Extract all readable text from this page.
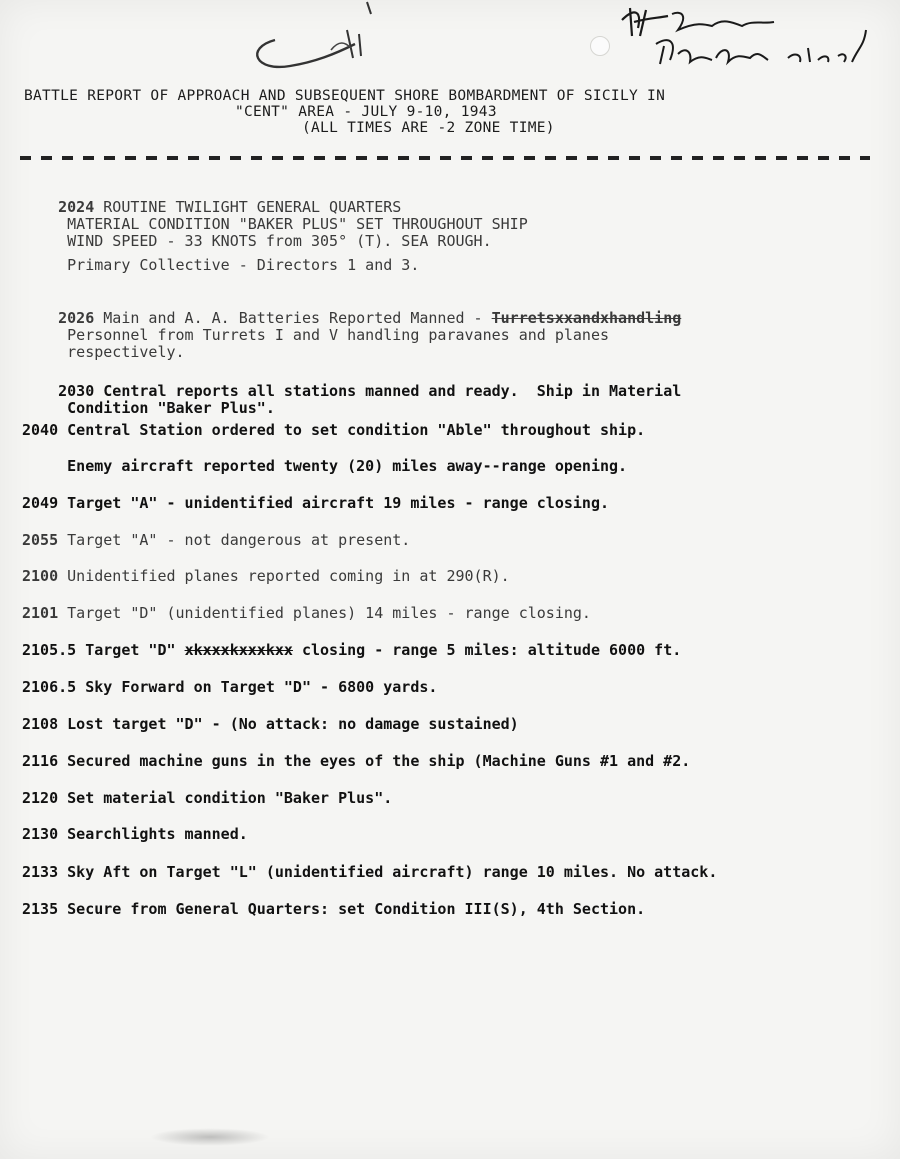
BATTLE REPORT OF APPROACH AND SUBSEQUENT SHORE BOMBARDMENT OF SICILY IN
"CENT" AREA - JULY 9-10, 1943
(ALL TIMES ARE -2 ZONE TIME)

2024 ROUTINE TWILIGHT GENERAL QUARTERS
MATERIAL CONDITION "BAKER PLUS" SET THROUGHOUT SHIP
WIND SPEED - 33 KNOTS from 305° (T). SEA ROUGH.

Primary Collective - Directors 1 and 3.

2026 Main and A. A. Batteries Reported Manned - Turretsxxandxhandling
Personnel from Turrets I and V handling paravanes and planes
respectively.

2030 Central reports all stations manned and ready.  Ship in Material
Condition "Baker Plus".

2040 Central Station ordered to set condition "Able" throughout ship.
Enemy aircraft reported twenty (20) miles away--range opening.
2049 Target "A" - unidentified aircraft 19 miles - range closing.
2055 Target "A" - not dangerous at present.
2100 Unidentified planes reported coming in at 290(R).
2101 Target "D" (unidentified planes) 14 miles - range closing.
2105.5 Target "D" xkxxxkxxxkxx closing - range 5 miles: altitude 6000 ft.
2106.5 Sky Forward on Target "D" - 6800 yards.
2108 Lost target "D" - (No attack: no damage sustained)
2116 Secured machine guns in the eyes of the ship (Machine Guns #1 and #2.
2120 Set material condition "Baker Plus".
2130 Searchlights manned.
2133 Sky Aft on Target "L" (unidentified aircraft) range 10 miles. No attack.
2135 Secure from General Quarters: set Condition III(S), 4th Section.
